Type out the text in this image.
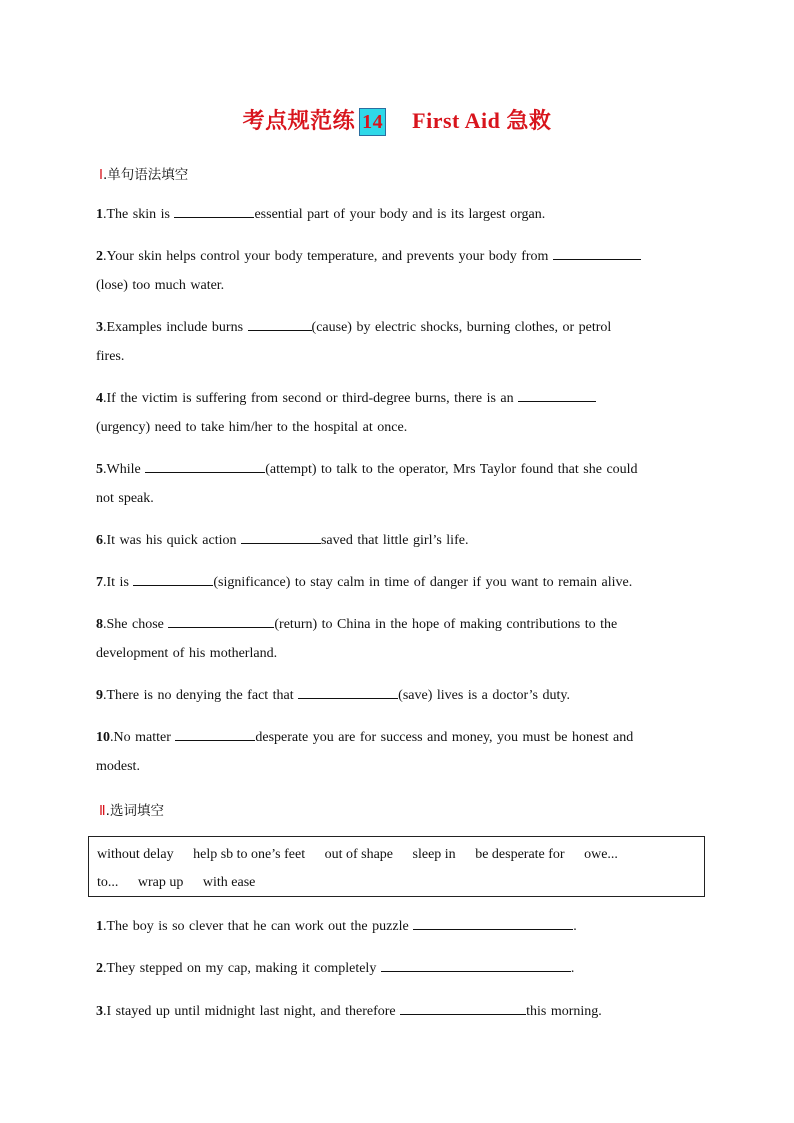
考点规范练 14 First Aid 急救
Ⅰ.单句语法填空
1.The skin is	essential part of your body and is its largest organ.
2.Your skin helps control your body temperature, and prevents your body from
(lose) too much water.
3.Examples include burns	(cause) by electric shocks, burning clothes, or petrol
fires.
4.If the victim is suffering from second or third-degree burns, there is an
(urgency) need to take him/her to the hospital at once.
5.While	(attempt) to talk to the operator, Mrs Taylor found that she could
not speak.
6.It was his quick action	saved that little girl’s life.
7.It is	(significance) to stay calm in time of danger if you want to remain alive.
8.She chose	(return) to China in the hope of making contributions to the
development of his motherland.
9.There is no denying the fact that	(save) lives is a doctor’s duty.
10.No matter	desperate you are for success and money, you must be honest and
modest.
Ⅱ.选词填空
without delay help sb to one’s feet out of shape sleep in be desperate for owe...
to... wrap up with ease
1.The boy is so clever that he can work out the puzzle	.
2.They stepped on my cap, making it completely	.
3.I stayed up until midnight last night, and therefore	this morning.
